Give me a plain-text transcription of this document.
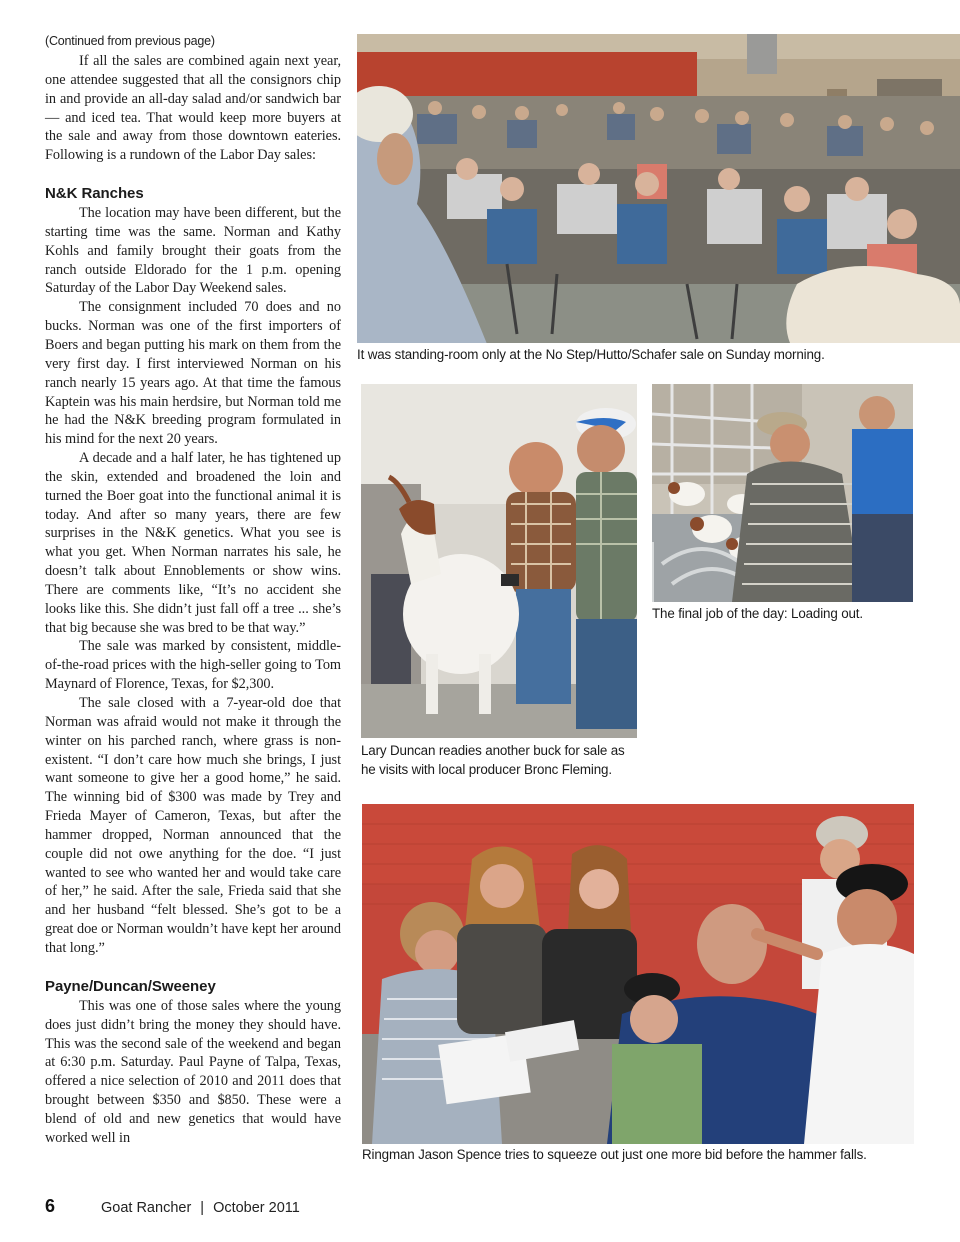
(Continued from previous page)

If all the sales are combined again next year, one attendee suggested that all the consignors chip in and provide an all-day salad and/or sandwich bar — and iced tea. That would keep more buyers at the sale and away from those downtown eateries. Following is a rundown of the Labor Day sales:

N&K Ranches

The location may have been different, but the starting time was the same. Norman and Kathy Kohls and family brought their goats from the ranch outside Eldorado for the 1 p.m. opening Saturday of the Labor Day Weekend sales.

The consignment included 70 does and no bucks. Norman was one of the first importers of Boers and began putting his mark on them from the very first day. I first interviewed Norman on his ranch nearly 15 years ago. At that time the famous Kaptein was his main herdsire, but Norman told me he had the N&K breeding program formulated in his mind for the next 20 years.

A decade and a half later, he has tightened up the skin, extended and broadened the loin and turned the Boer goat into the functional animal it is today. And after so many years, there are few surprises in the N&K genetics. What you see is what you get. When Norman narrates his sale, he doesn’t talk about Ennoblements or show wins. There are comments like, “It’s no accident she looks like this. She didn’t just fall off a tree ... she’s that big because she was bred to be that way.”

The sale was marked by consistent, middle-of-the-road prices with the high-seller going to Tom Maynard of Florence, Texas, for $2,300.

The sale closed with a 7-year-old doe that Norman was afraid would not make it through the winter on his parched ranch, where grass is non-existent. “I don’t care how much she brings, I just want someone to give her a good home,” he said. The winning bid of $300 was made by Trey and Frieda Mayer of Cameron, Texas, but after the hammer dropped, Norman announced that the couple did not owe anything for the doe. “I just wanted to see who wanted her and would take care of her,” he said. After the sale, Frieda said that she and her husband “felt blessed. She’s got to be a great doe or Norman wouldn’t have kept her around that long.”

Payne/Duncan/Sweeney

This was one of those sales where the young does just didn’t bring the money they should have. This was the second sale of the weekend and began at 6:30 p.m. Saturday. Paul Payne of Talpa, Texas, offered a nice selection of 2010 and 2011 does that brought between $350 and $850. These were a blend of old and new genetics that would have worked well in

It was standing-room only at the No Step/Hutto/Schafer sale on Sunday morning.
Lary Duncan readies another buck for sale as
he visits with local producer Bronc Fleming.
The final job of the day: Loading out.
Ringman Jason Spence tries to squeeze out just one more bid before the hammer falls.
6	Goat Rancher | October 2011
